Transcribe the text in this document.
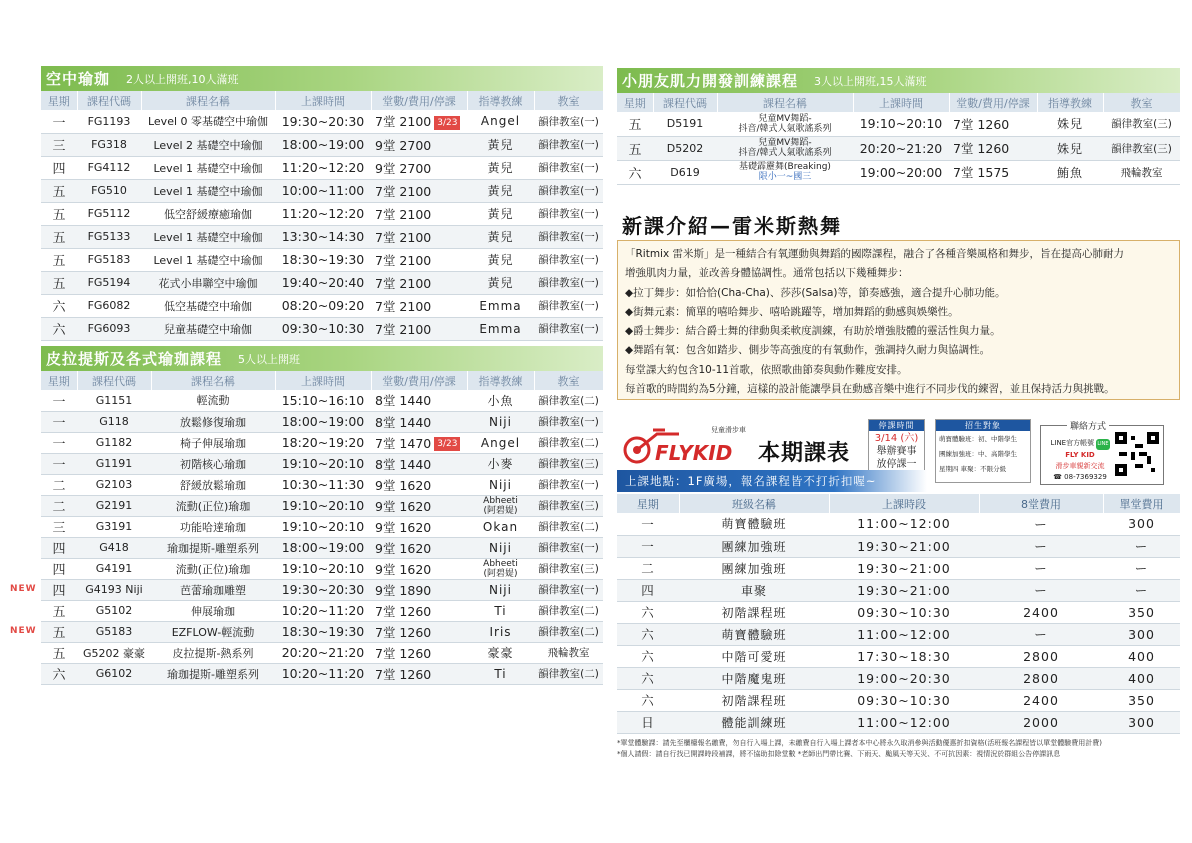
空中瑜珈 2人以上開班,10人滿班
星期	課程代碼	課程名稱	上課時間	堂數/費用/停課	指導教練	教室
一	FG1193	Level 0 零基礎空中瑜伽	19:30~20:30	7堂 2100 3/23	Angel	韻律教室(一)
三	FG318	Level 2 基礎空中瑜伽	18:00~19:00	9堂 2700	黃兒	韻律教室(一)
四	FG4112	Level 1 基礎空中瑜伽	11:20~12:20	9堂 2700	黃兒	韻律教室(一)
五	FG510	Level 1 基礎空中瑜伽	10:00~11:00	7堂 2100	黃兒	韻律教室(一)
五	FG5112	低空舒緩療癒瑜伽	11:20~12:20	7堂 2100	黃兒	韻律教室(一)
五	FG5133	Level 1 基礎空中瑜伽	13:30~14:30	7堂 2100	黃兒	韻律教室(一)
五	FG5183	Level 1 基礎空中瑜伽	18:30~19:30	7堂 2100	黃兒	韻律教室(一)
五	FG5194	花式小串聯空中瑜伽	19:40~20:40	7堂 2100	黃兒	韻律教室(一)
六	FG6082	低空基礎空中瑜伽	08:20~09:20	7堂 2100	Emma	韻律教室(一)
六	FG6093	兒童基礎空中瑜伽	09:30~10:30	7堂 2100	Emma	韻律教室(一)
皮拉提斯及各式瑜珈課程 5人以上開班
星期	課程代碼	課程名稱	上課時間	堂數/費用/停課	指導教練	教室
一	G1151	輕流動	15:10~16:10	8堂 1440	小魚	韻律教室(二)
一	G118	放鬆修復瑜珈	18:00~19:00	8堂 1440	Niji	韻律教室(一)
一	G1182	椅子伸展瑜珈	18:20~19:20	7堂 1470 3/23	Angel	韻律教室(二)
一	G1191	初階核心瑜珈	19:10~20:10	8堂 1440	小麥	韻律教室(三)
二	G2103	舒緩放鬆瑜珈	10:30~11:30	9堂 1620	Niji	韻律教室(一)
二	G2191	流動(正位)瑜珈	19:10~20:10	9堂 1620	Abheeti
(阿碧媞)	韻律教室(三)
三	G3191	功能哈達瑜珈	19:10~20:10	9堂 1620	Okan	韻律教室(二)
四	G418	瑜珈提斯-雕塑系列	18:00~19:00	9堂 1620	Niji	韻律教室(一)
四	G4191	流動(正位)瑜珈	19:10~20:10	9堂 1620	Abheeti
(阿碧媞)	韻律教室(三)
四	G4193 Niji	芭蕾瑜珈雕塑	19:30~20:30	9堂 1890	Niji	韻律教室(一)
五	G5102	伸展瑜珈	10:20~11:20	7堂 1260	Ti	韻律教室(二)
五	G5183	EZFLOW-輕流動	18:30~19:30	7堂 1260	Iris	韻律教室(二)
五	G5202 豪豪	皮拉提斯-熱系列	20:20~21:20	7堂 1260	豪豪	飛輪教室
六	G6102	瑜珈提斯-雕塑系列	10:20~11:20	7堂 1260	Ti	韻律教室(二)
NEW
NEW
小朋友肌力開發訓練課程 3人以上開班,15人滿班
星期	課程代碼	課程名稱	上課時間	堂數/費用/停課	指導教練	教室
五	D5191	兒童MV舞蹈-
抖音/韓式人氣歌謠系列	19:10~20:10	7堂 1260	姝兒	韻律教室(三)
五	D5202	兒童MV舞蹈-
抖音/韓式人氣歌謠系列	20:20~21:20	7堂 1260	姝兒	韻律教室(三)
六	D619	基礎霹靂舞(Breaking)
限小一~國三	19:00~20:00	7堂 1575	鮪魚	飛輪教室
新課介紹—雷米斯熱舞

「Ritmix 雷米斯」是一種結合有氧運動與舞蹈的國際課程，融合了各種音樂風格和舞步，旨在提高心肺耐力

增強肌肉力量，並改善身體協調性。通常包括以下幾種舞步：

◆拉丁舞步：如恰恰(Cha-Cha)、莎莎(Salsa)等，節奏感強，適合提升心肺功能。

◆街舞元素：簡單的嘻哈舞步、嘻哈跳躍等，增加舞蹈的動感與娛樂性。

◆爵士舞步：結合爵士舞的律動與柔軟度訓練，有助於增強肢體的靈活性與力量。

◆舞蹈有氧：包含如踏步、側步等高強度的有氧動作，強調持久耐力與協調性。

每堂課大約包含10-11首歌，依照歌曲節奏與動作難度安排。

每首歌的時間約為5分鐘，這樣的設計能讓學員在動感音樂中進行不同步伐的練習，並且保持活力與挑戰。

FLYKID
兒童滑步車
本期課表
停課時間
3/14 (六)
舉辦賽事
放停課一
招生對象
萌寶體驗班：初、中階學生
團練加強班：中、高階學生
星期四 車聚：不限分級
聯絡方式
LINE官方帳號 LINE
FLY KID
滑步車親新交流
☎ 08-7369329
上課地點：1F廣場，報名課程皆不打折扣喔~
星期	班級名稱	上課時段	8堂費用	單堂費用
一	萌寶體驗班	11:00~12:00	ー	300
一	團練加強班	19:30~21:00	ー	ー
二	團練加強班	19:30~21:00	ー	ー
四	車聚	19:30~21:00	ー	ー
六	初階課程班	09:30~10:30	2400	350
六	萌寶體驗班	11:00~12:00	ー	300
六	中階可愛班	17:30~18:30	2800	400
六	中階魔鬼班	19:00~20:30	2800	400
六	初階課程班	09:30~10:30	2400	350
日	體能訓練班	11:00~12:00	2000	300
*單堂體驗課：請先至櫃檯報名繳費，勿自行入場上課，未繳費自行入場上課者本中心將永久取消參與活動優惠折扣資格(活班報名課程皆以單堂體驗費用計費)
*個人請假：請自行找已開課時段補課，將不協助扣除堂數 *老師出門帶比賽、下雨天、颱風天等天災、不可抗因素：視情況於群組公告停課訊息
